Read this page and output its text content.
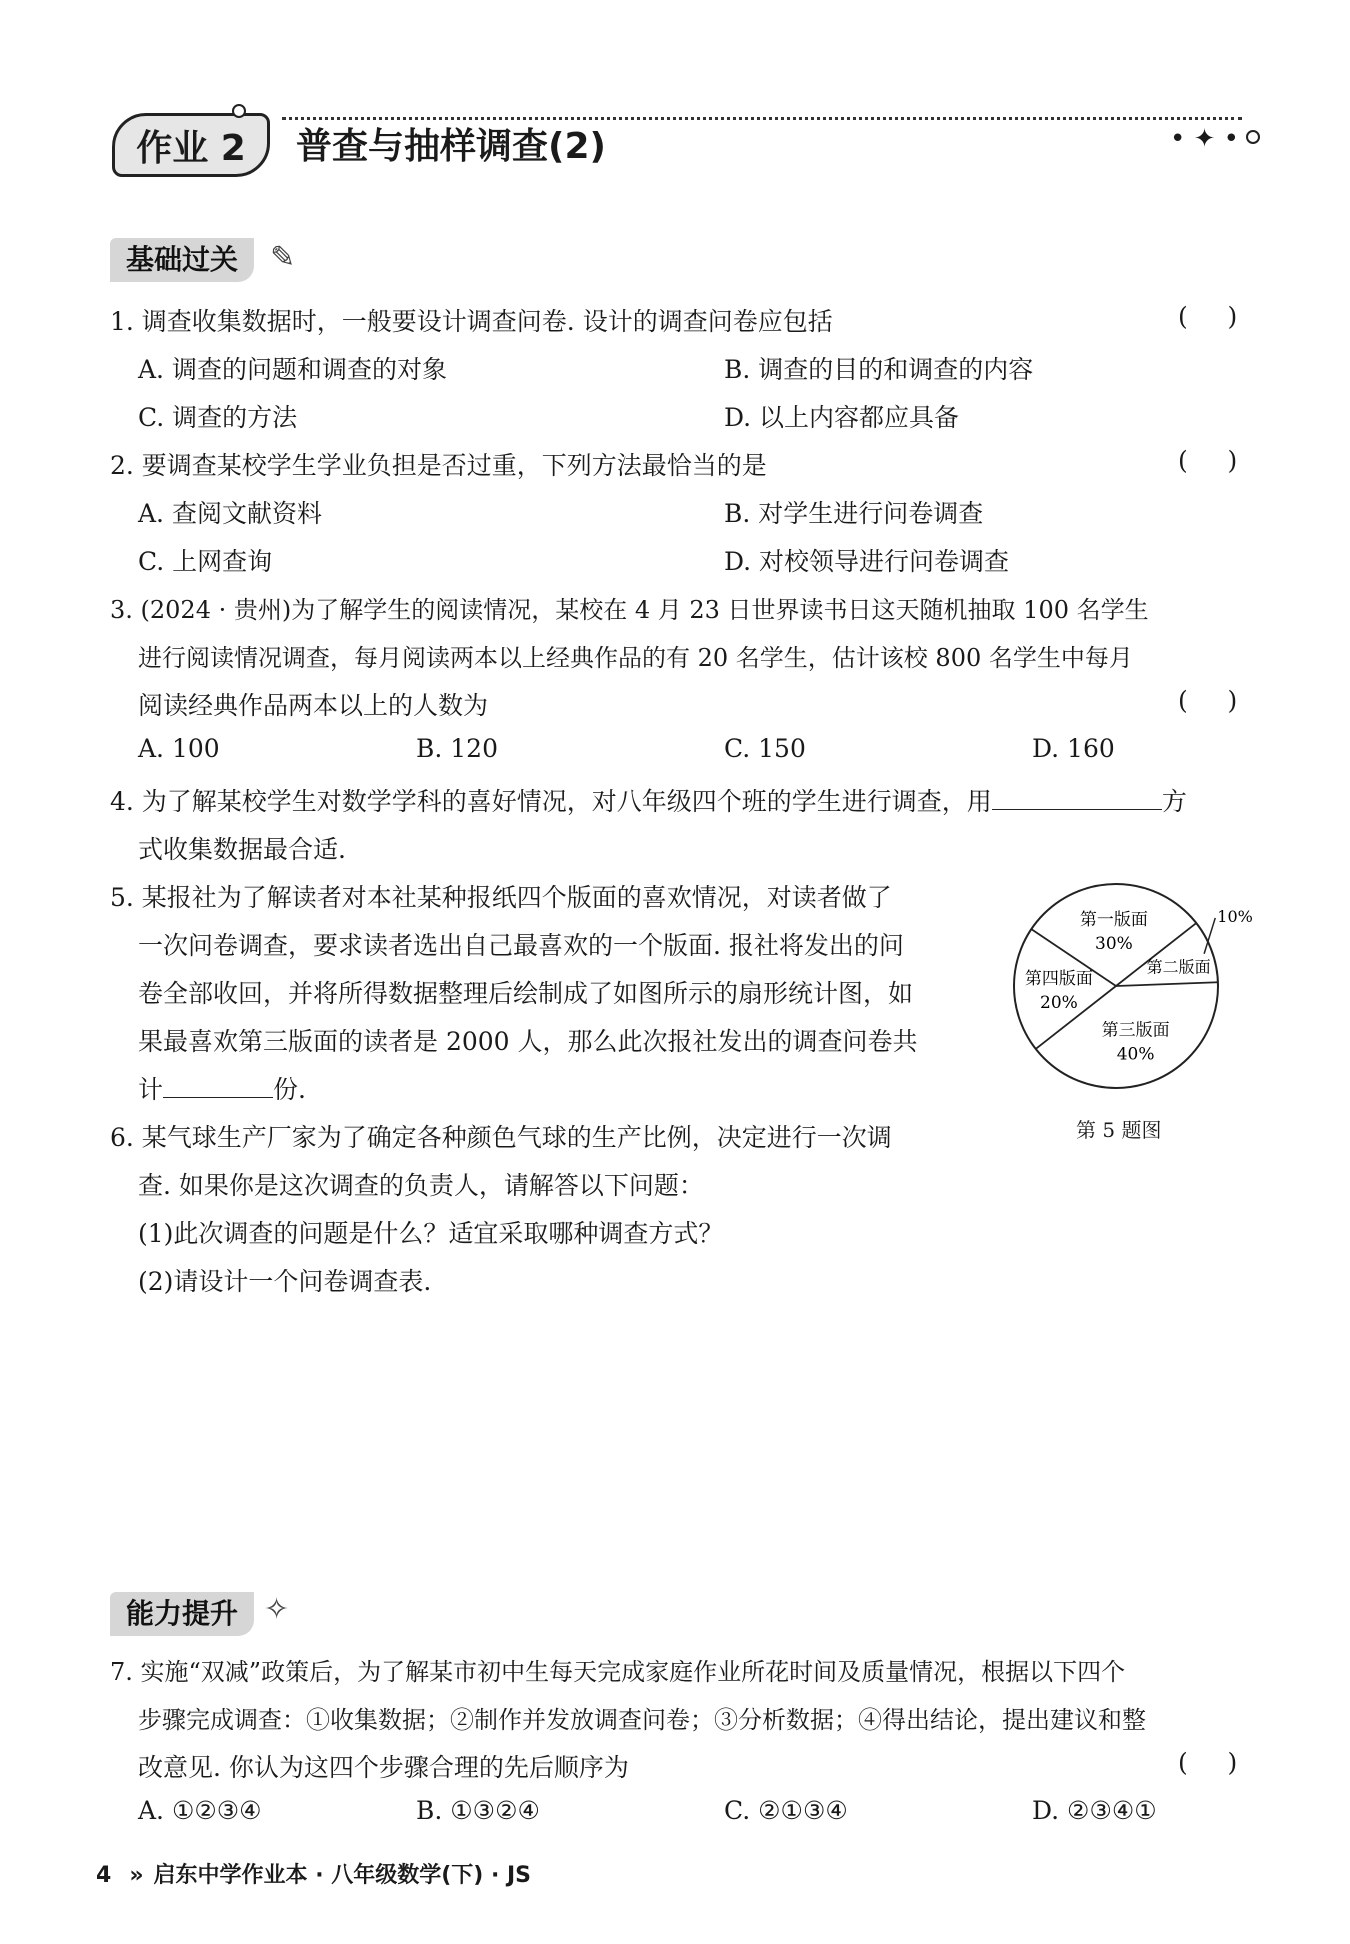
作业 2 普查与抽样调查(2)	• ✦ •
基础过关	✎
1. 调查收集数据时，一般要设计调查问卷. 设计的调查问卷应包括	(     )
A. 调查的问题和调查的对象	B. 调查的目的和调查的内容
C. 调查的方法	D. 以上内容都应具备
2. 要调查某校学生学业负担是否过重，下列方法最恰当的是	(     )
A. 查阅文献资料	B. 对学生进行问卷调查
C. 上网查询	D. 对校领导进行问卷调查
3. (2024 · 贵州)为了解学生的阅读情况，某校在 4 月 23 日世界读书日这天随机抽取 100 名学生
进行阅读情况调查，每月阅读两本以上经典作品的有 20 名学生，估计该校 800 名学生中每月
阅读经典作品两本以上的人数为	(     )
A. 100	B. 120	C. 150	D. 160
4. 为了解某校学生对数学学科的喜好情况，对八年级四个班的学生进行调查，用	方
式收集数据最合适.
5. 某报社为了解读者对本社某种报纸四个版面的喜欢情况，对读者做了
一次问卷调查，要求读者选出自己最喜欢的一个版面. 报社将发出的问
卷全部收回，并将所得数据整理后绘制成了如图所示的扇形统计图，如
果最喜欢第三版面的读者是 2000 人，那么此次报社发出的调查问卷共
计	份.
第一版面
30%
第二版面
10%
第三版面
40%
第四版面
20%
第 5 题图
6. 某气球生产厂家为了确定各种颜色气球的生产比例，决定进行一次调
查. 如果你是这次调查的负责人，请解答以下问题：
(1)此次调查的问题是什么？适宜采取哪种调查方式？
(2)请设计一个问卷调查表.
能力提升 ✧
7. 实施“双减”政策后，为了解某市初中生每天完成家庭作业所花时间及质量情况，根据以下四个
步骤完成调查：①收集数据；②制作并发放调查问卷；③分析数据；④得出结论，提出建议和整
改意见. 你认为这四个步骤合理的先后顺序为	(     )
A. ①②③④	B. ①③②④	C. ②①③④	D. ②③④①
4 » 启东中学作业本 · 八年级数学(下) · JS
